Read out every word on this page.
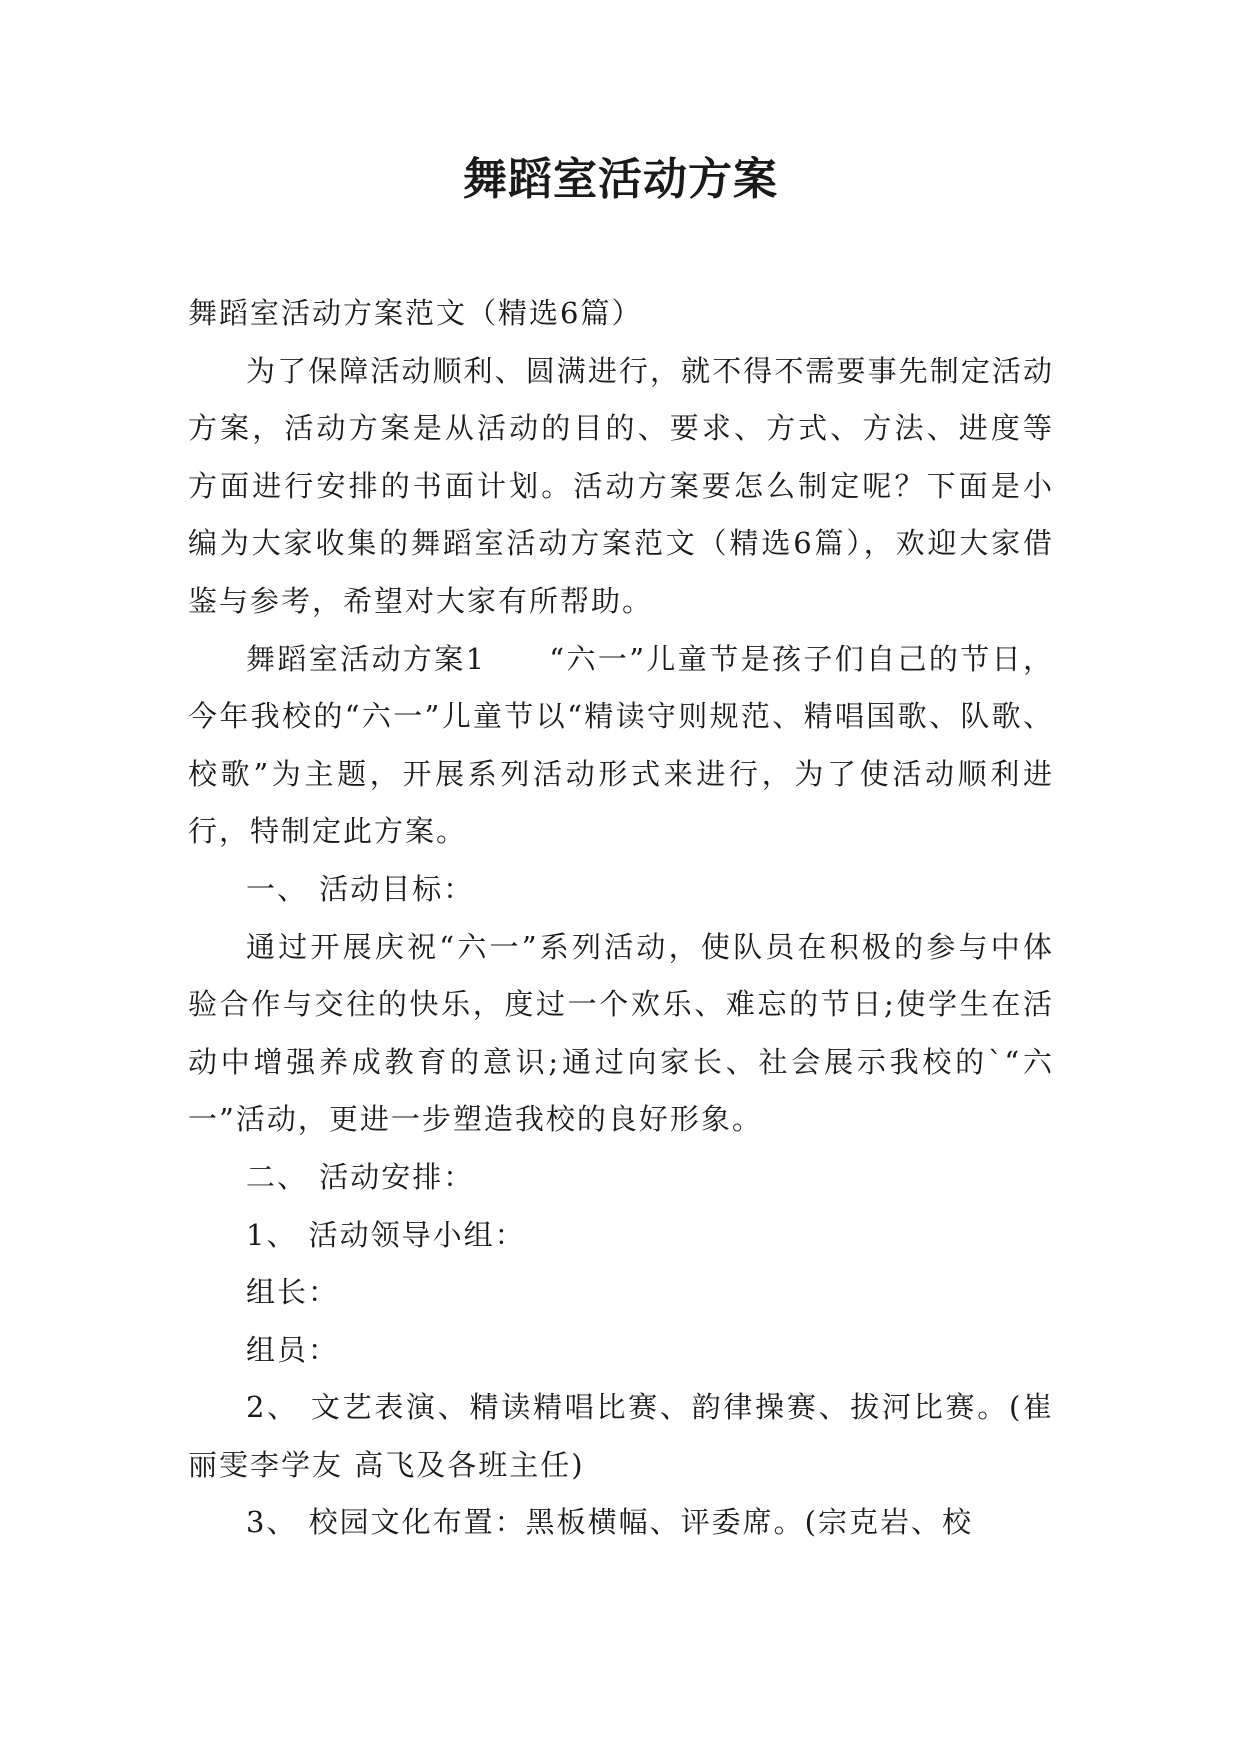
舞蹈室活动方案

舞蹈室活动方案范文（精选6篇）

为了保障活动顺利、圆满进行，就不得不需要事先制定活动方案，活动方案是从活动的目的、要求、方式、方法、进度等方面进行安排的书面计划。活动方案要怎么制定呢？下面是小编为大家收集的舞蹈室活动方案范文（精选6篇），欢迎大家借鉴与参考，希望对大家有所帮助。

舞蹈室活动方案1　　“六一”儿童节是孩子们自己的节日，今年我校的“六一”儿童节以“精读守则规范、精唱国歌、队歌、校歌”为主题，开展系列活动形式来进行，为了使活动顺利进行，特制定此方案。

一、 活动目标：

通过开展庆祝“六一”系列活动，使队员在积极的参与中体验合作与交往的快乐，度过一个欢乐、难忘的节日;使学生在活动中增强养成教育的意识;通过向家长、社会展示我校的`“六一”活动，更进一步塑造我校的良好形象。

二、 活动安排：

1、 活动领导小组：

组长：

组员：

2、 文艺表演、精读精唱比赛、韵律操赛、拔河比赛。(崔丽雯李学友 高飞及各班主任)

3、 校园文化布置：黑板横幅、评委席。(宗克岩、校
